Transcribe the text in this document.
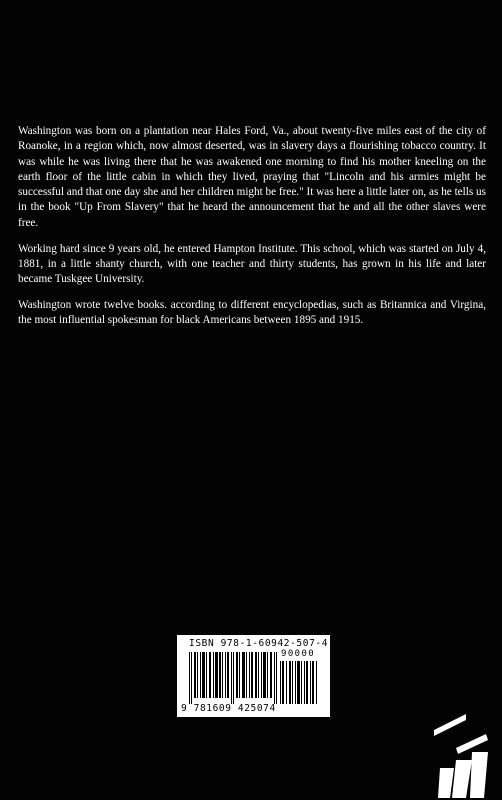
Washington was born on a plantation near Hales Ford, Va., about twenty-five miles east of the city of Roanoke, in a region which, now almost deserted, was in slavery days a flourishing tobacco country. It was while he was living there that he was awakened one morning to find his mother kneeling on the earth floor of the little cabin in which they lived, praying that "Lincoln and his armies might be successful and that one day she and her children might be free." It was here a little later on, as he tells us in the book "Up From Slavery" that he heard the announcement that he and all the other slaves were free.

Working hard since 9 years old, he entered Hampton Institute. This school, which was started on July 4, 1881, in a little shanty church, with one teacher and thirty students, has grown in his life and later became Tuskgee University.

Washington wrote twelve books. according to different encyclopedias, such as Britannica and Virgina, the most influential spokesman for black Americans between 1895 and 1915.

ISBN 978-1-60942-507-4
90000
9 781609 425074
